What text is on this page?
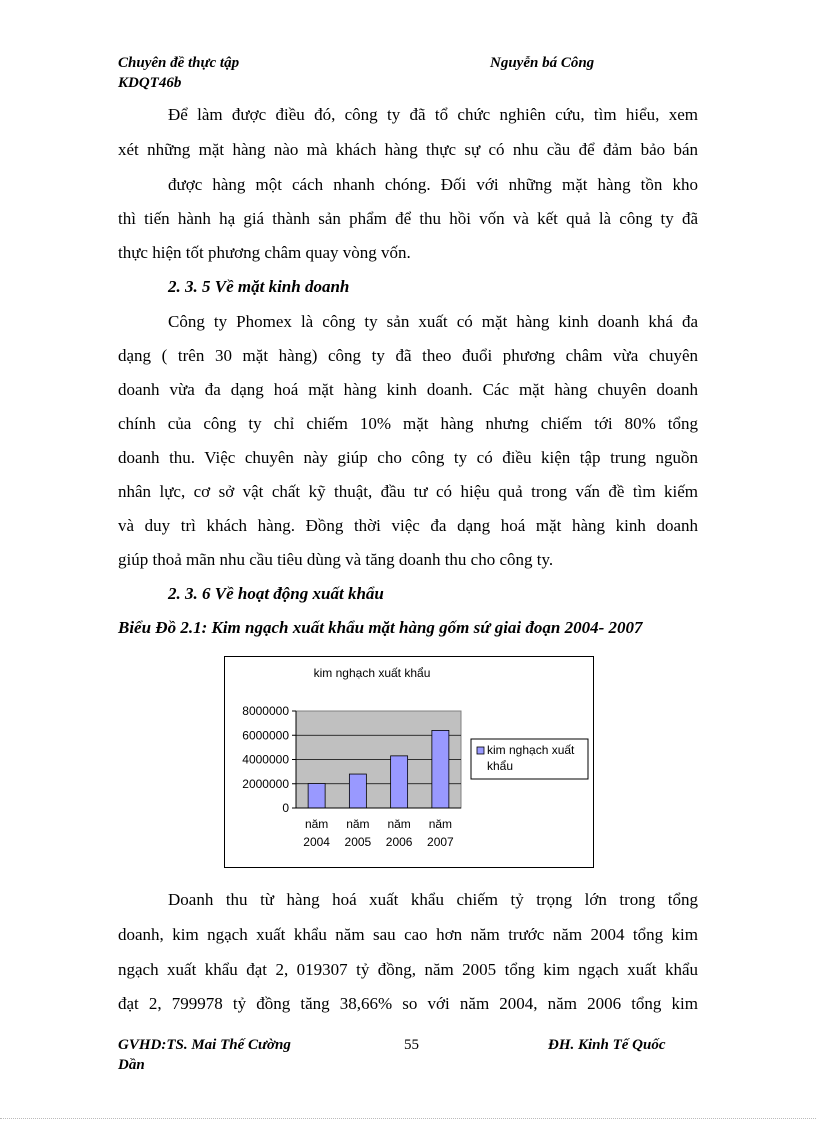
Chuyên đề thực tập
KDQT46b
Nguyễn bá Công
Để làm được điều đó, công ty đã tổ chức nghiên cứu, tìm hiểu, xem
xét những mặt hàng nào mà khách hàng thực sự có nhu cầu để đảm bảo bán
được hàng một cách nhanh chóng. Đối với những mặt hàng tồn kho
thì tiến hành hạ giá thành sản phẩm để thu hồi vốn và kết quả là công ty đã
thực hiện tốt phương châm quay vòng vốn.
2. 3. 5 Về mặt kinh doanh
Công ty Phomex là công ty sản xuất có mặt hàng kinh doanh khá đa
dạng ( trên 30 mặt hàng) công ty đã theo đuổi phương châm vừa chuyên
doanh vừa đa dạng hoá mặt hàng kinh doanh. Các mặt hàng chuyên doanh
chính của công ty chỉ chiếm 10% mặt hàng nhưng chiếm tới 80% tổng
doanh thu. Việc chuyên này giúp cho công ty có điều kiện tập trung nguồn
nhân lực, cơ sở vật chất kỹ thuật, đầu tư có hiệu quả trong vấn đề tìm kiếm
và duy trì khách hàng. Đồng thời việc đa dạng hoá mặt hàng kinh doanh
giúp thoả mãn nhu cầu tiêu dùng và tăng doanh thu cho công ty.
2. 3. 6 Về hoạt động xuất khẩu
Biểu Đồ 2.1: Kim ngạch xuất khẩu mặt hàng gốm sứ giai đoạn 2004- 2007
kim nghạch xuất khẩu
0
2000000
4000000
6000000
8000000
năm
2004
năm
2005
năm
2006
năm
2007
kim nghạch xuất
khẩu
Doanh thu từ hàng hoá xuất khẩu chiếm tỷ trọng lớn trong tổng
doanh, kim ngạch xuất khẩu năm sau cao hơn năm trước năm 2004 tổng kim
ngạch xuất khẩu đạt 2, 019307 tỷ đồng, năm 2005 tổng kim ngạch xuất khẩu
đạt 2, 799978 tỷ đồng tăng 38,66% so với năm 2004, năm 2006 tổng kim
GVHD:TS. Mai Thế Cường
Dần
55	ĐH. Kinh Tế Quốc
